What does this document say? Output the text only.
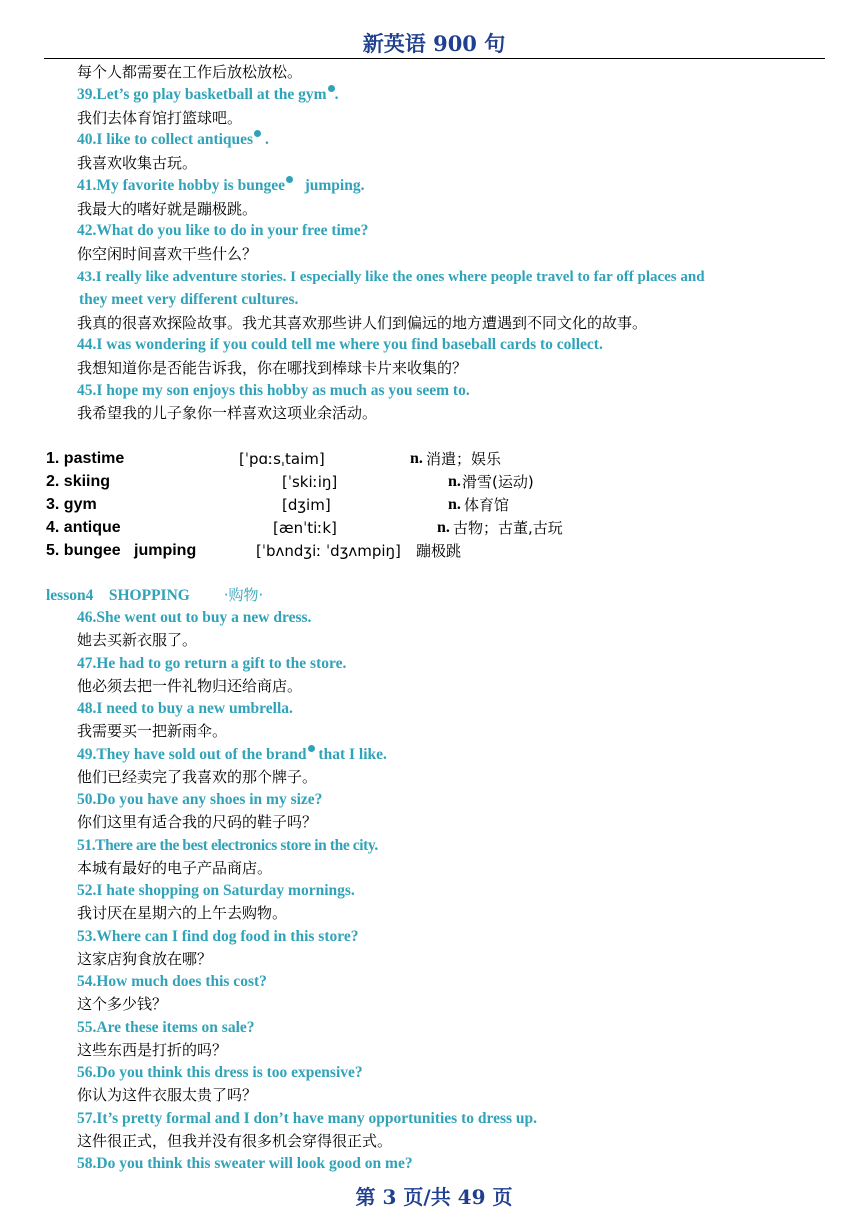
新英语 900 句
每个人都需要在工作后放松放松。
39.Let’s go play basketball at the gym .
我们去体育馆打篮球吧。
40.I like to collect antiques .
我喜欢收集古玩。
41.My favorite hobby is bungee   jumping.
我最大的嗜好就是蹦极跳。
42.What do you like to do in your free time?
你空闲时间喜欢干些什么？
43.I really like adventure stories. I especially like the ones where people travel to far off places and
they meet very different cultures.
我真的很喜欢探险故事。我尤其喜欢那些讲人们到偏远的地方遭遇到不同文化的故事。
44.I was wondering if you could tell me where you find baseball cards to collect.
我想知道你是否能告诉我，你在哪找到棒球卡片来收集的？
45.I hope my son enjoys this hobby as much as you seem to.
我希望我的儿子象你一样喜欢这项业余活动。
1. pastime	[ˈpɑːsˌtaim]	n. 消遣；娱乐
2. skiing	[ˈskiːiŋ]	n. 滑雪(运动)
3. gym	[dʒim]	n. 体育馆
4. antique	[ænˈtiːk]	n. 古物；古董,古玩
5. bungee   jumping	[ˈbʌndʒiː ˈdʒʌmpiŋ] 蹦极跳
lesson4    SHOPPING ·购物·
46.She went out to buy a new dress.
她去买新衣服了。
47.He had to go return a gift to the store.
他必须去把一件礼物归还给商店。
48.I need to buy a new umbrella.
我需要买一把新雨伞。
49.They have sold out of the brand that I like.
他们已经卖完了我喜欢的那个牌子。
50.Do you have any shoes in my size?
你们这里有适合我的尺码的鞋子吗？
51.There are the best electronics store in the city.
本城有最好的电子产品商店。
52.I hate shopping on Saturday mornings.
我讨厌在星期六的上午去购物。
53.Where can I find dog food in this store?
这家店狗食放在哪？
54.How much does this cost?
这个多少钱？
55.Are these items on sale?
这些东西是打折的吗？
56.Do you think this dress is too expensive?
你认为这件衣服太贵了吗？
57.It’s pretty formal and I don’t have many opportunities to dress up.
这件很正式，但我并没有很多机会穿得很正式。
58.Do you think this sweater will look good on me?
第 3 页/共 49 页
